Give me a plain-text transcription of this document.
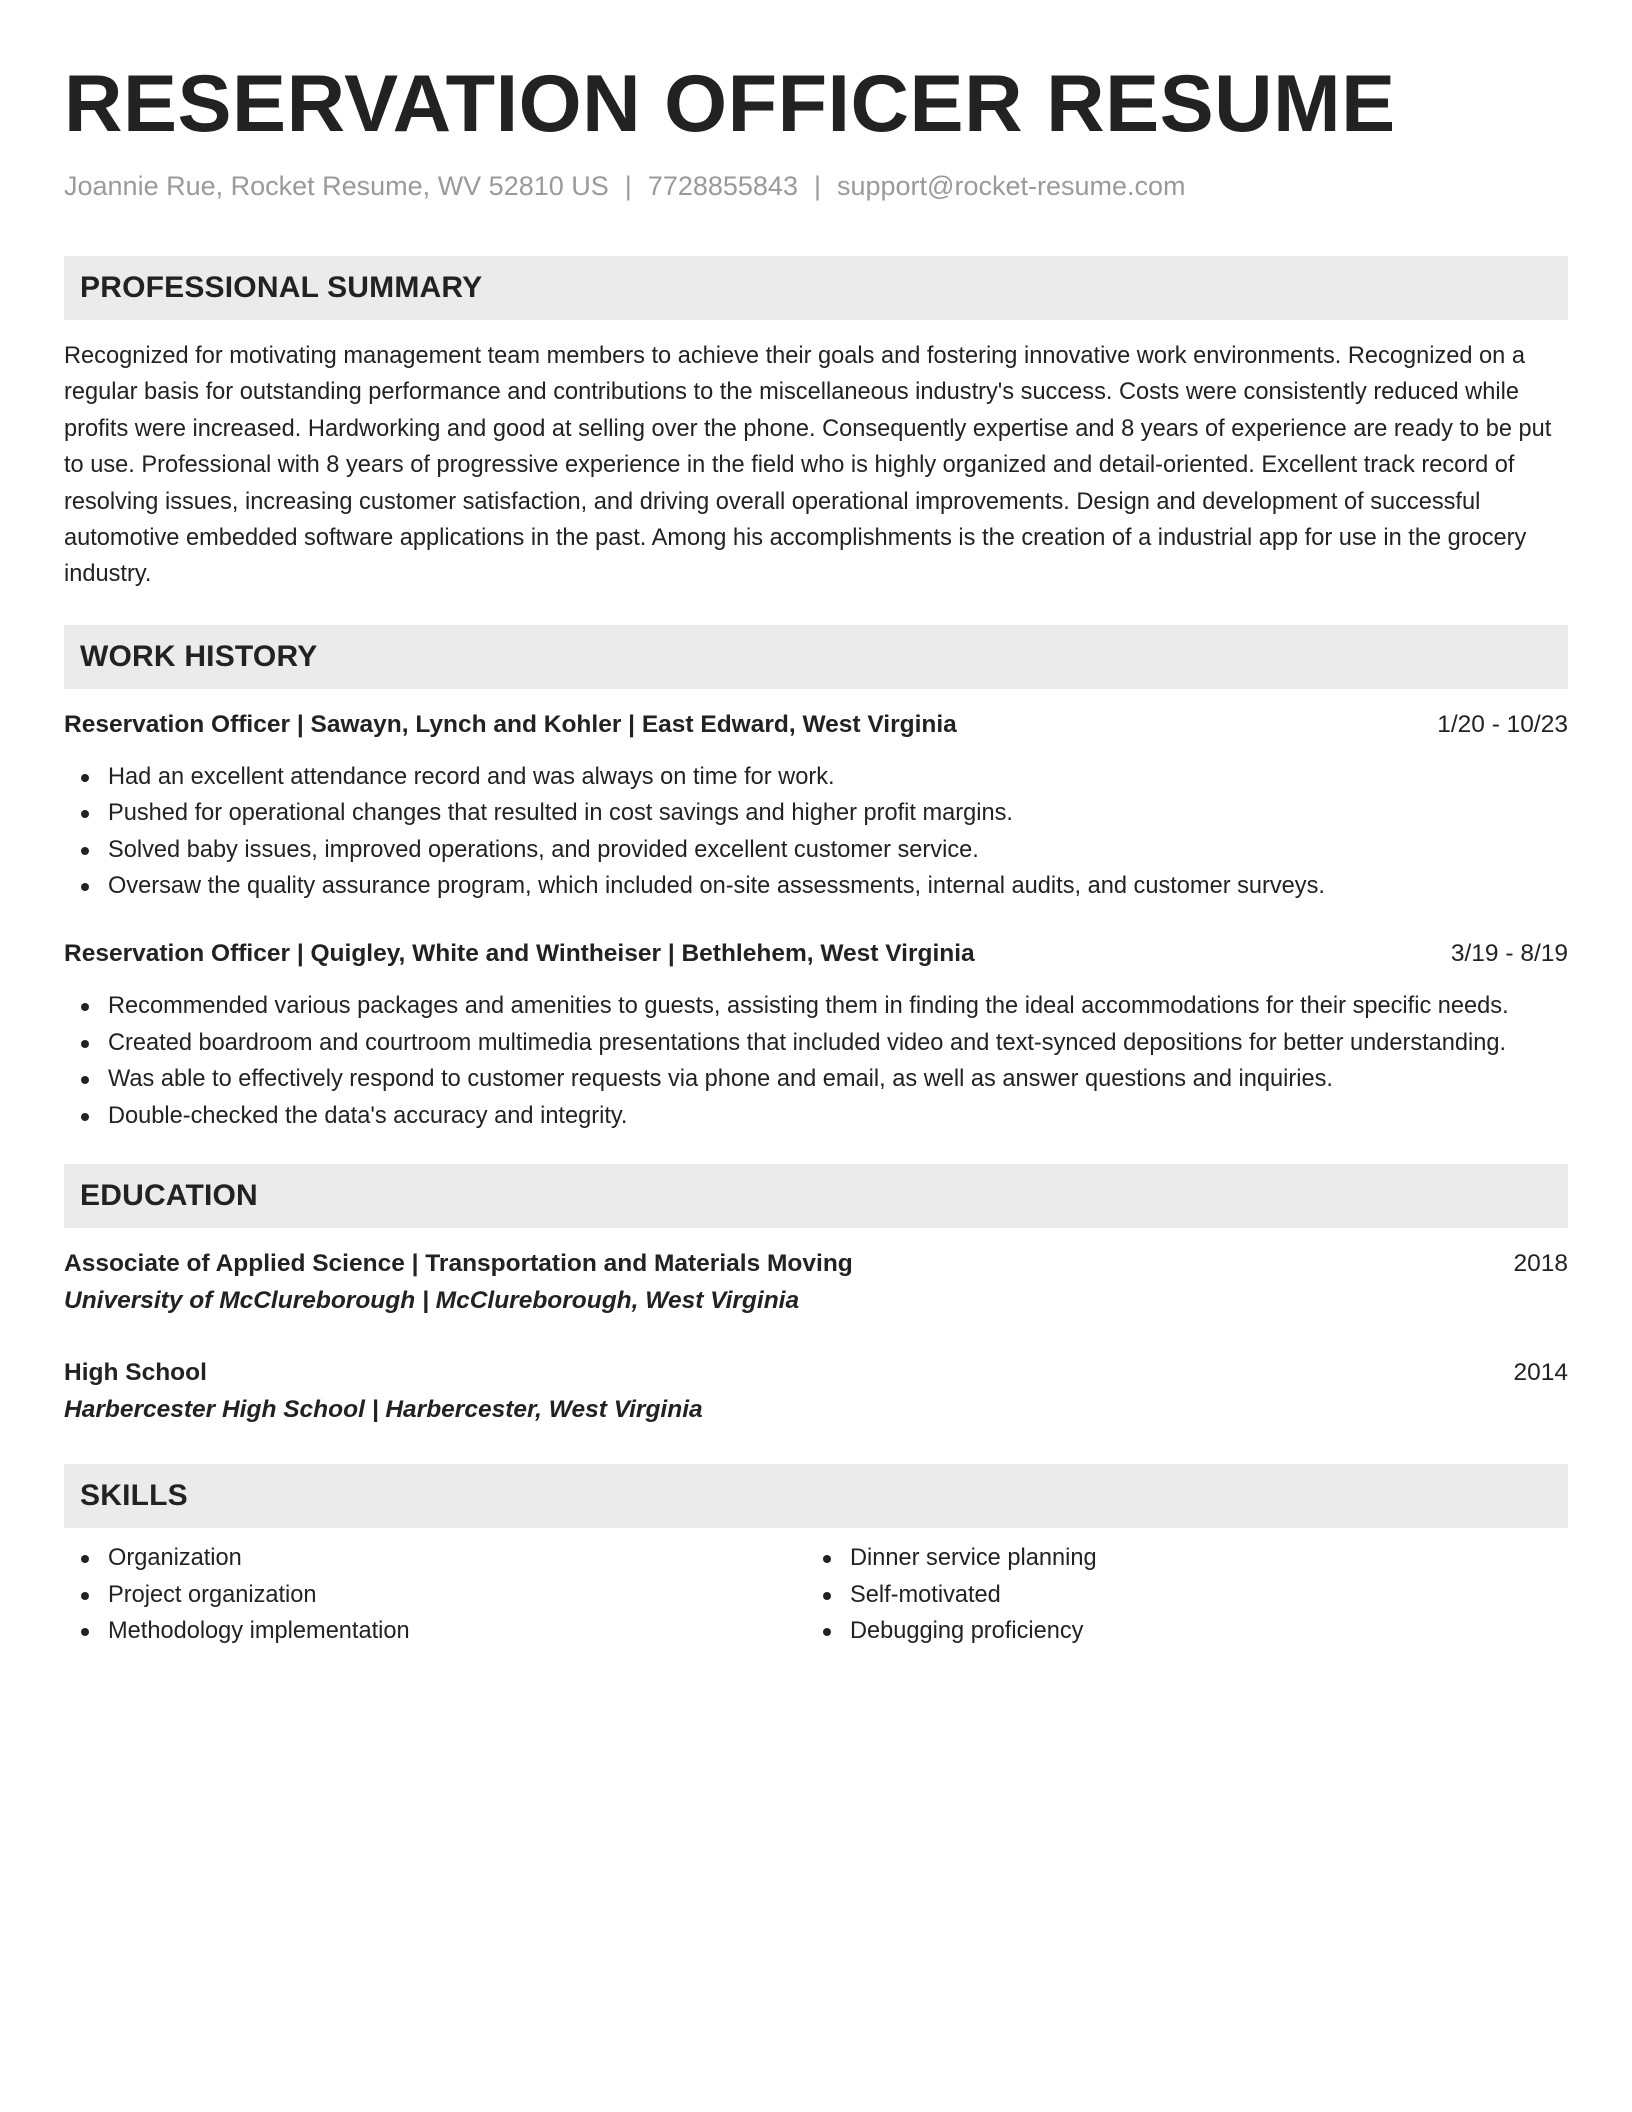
RESERVATION OFFICER RESUME
Joannie Rue, Rocket Resume, WV 52810 US | 7728855843 | support@rocket-resume.com
PROFESSIONAL SUMMARY
Recognized for motivating management team members to achieve their goals and fostering innovative work environments. Recognized on a regular basis for outstanding performance and contributions to the miscellaneous industry's success. Costs were consistently reduced while profits were increased. Hardworking and good at selling over the phone. Consequently expertise and 8 years of experience are ready to be put to use. Professional with 8 years of progressive experience in the field who is highly organized and detail-oriented. Excellent track record of resolving issues, increasing customer satisfaction, and driving overall operational improvements. Design and development of successful automotive embedded software applications in the past. Among his accomplishments is the creation of a industrial app for use in the grocery industry.
WORK HISTORY
Reservation Officer | Sawayn, Lynch and Kohler | East Edward, West Virginia	1/20 - 10/23
Had an excellent attendance record and was always on time for work.
Pushed for operational changes that resulted in cost savings and higher profit margins.
Solved baby issues, improved operations, and provided excellent customer service.
Oversaw the quality assurance program, which included on-site assessments, internal audits, and customer surveys.
Reservation Officer | Quigley, White and Wintheiser | Bethlehem, West Virginia	3/19 - 8/19
Recommended various packages and amenities to guests, assisting them in finding the ideal accommodations for their specific needs.
Created boardroom and courtroom multimedia presentations that included video and text-synced depositions for better understanding.
Was able to effectively respond to customer requests via phone and email, as well as answer questions and inquiries.
Double-checked the data's accuracy and integrity.
EDUCATION
Associate of Applied Science | Transportation and Materials Moving	2018
University of McClureborough | McClureborough, West Virginia
High School	2014
Harbercester High School | Harbercester, West Virginia
SKILLS
Organization
Project organization
Methodology implementation
Dinner service planning
Self-motivated
Debugging proficiency
